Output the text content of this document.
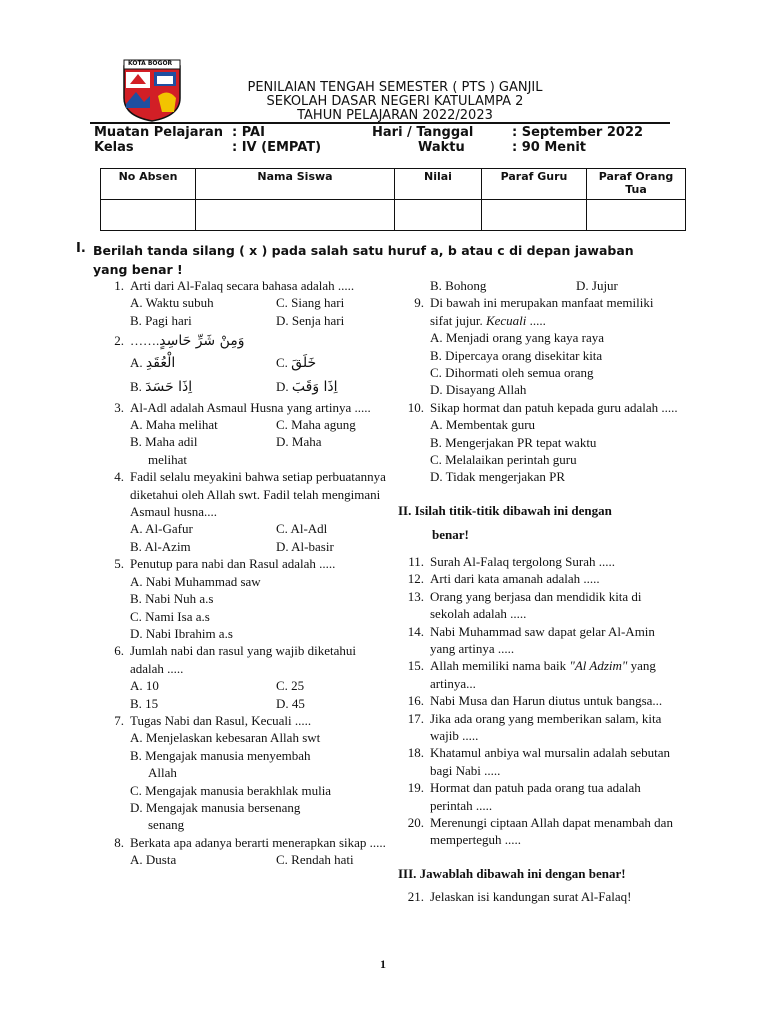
KOTA BOGOR
PENILAIAN TENGAH SEMESTER ( PTS ) GANJIL
SEKOLAH DASAR NEGERI KATULAMPA 2
TAHUN PELAJARAN 2022/2023
Muatan Pelajaran : PAI	Hari / Tanggal	: September 2022
Kelas	: IV (EMPAT)	Waktu	: 90 Menit
No Absen	Nama Siswa	Nilai	Paraf Guru	Paraf Orang Tua

I. Berilah tanda silang ( x ) pada salah satu huruf a, b atau c di depan jawaban yang benar !
1. Arti dari Al-Falaq secara bahasa adalah .....
A. Waktu subuh	C. Siang hari
B. Pagi hari	D. Senja hari
2. …….وَمِنْ شَرِّ حَاسِدٍ
A. الْعُقَدِ	C. خَلَقَ
B. اِذَا حَسَدَ	D. اِذَا وَقَبَ
3. Al-Adl adalah Asmaul Husna yang artinya .....
A. Maha melihat	C. Maha agung
B. Maha adil	D. Maha
melihat
4. Fadil selalu meyakini bahwa setiap perbuatannya diketahui oleh Allah swt. Fadil telah mengimani Asmaul husna....
A. Al-Gafur	C. Al-Adl
B. Al-Azim	D. Al-basir
5. Penutup para nabi dan Rasul adalah .....
A. Nabi Muhammad saw
B. Nabi Nuh a.s
C. Nami Isa a.s
D. Nabi Ibrahim a.s
6. Jumlah nabi dan rasul yang wajib diketahui adalah .....
A. 10	C. 25
B. 15	D. 45
7. Tugas Nabi dan Rasul, Kecuali .....
A. Menjelaskan kebesaran Allah swt
B. Mengajak manusia menyembah
Allah
C. Mengajak manusia berakhlak mulia
D. Mengajak manusia bersenang
senang
8. Berkata apa adanya berarti menerapkan sikap .....
A. Dusta	C. Rendah hati
B. Bohong	D. Jujur
9. Di bawah ini merupakan manfaat memiliki sifat jujur. Kecuali .....
A. Menjadi orang yang kaya raya
B. Dipercaya orang disekitar kita
C. Dihormati oleh semua orang
D. Disayang Allah
10. Sikap hormat dan patuh kepada guru adalah .....
A. Membentak guru
B. Mengerjakan PR tepat waktu
C. Melalaikan perintah guru
D. Tidak mengerjakan PR
II. Isilah titik-titik dibawah ini dengan
benar!
11. Surah Al-Falaq tergolong Surah .....
12. Arti dari kata amanah adalah .....
13. Orang yang berjasa dan mendidik kita di sekolah adalah .....
14. Nabi Muhammad saw dapat gelar Al-Amin yang artinya .....
15. Allah memiliki nama baik "Al Adzim" yang artinya...
16. Nabi Musa dan Harun diutus untuk bangsa...
17. Jika ada orang yang memberikan salam, kita wajib .....
18. Khatamul anbiya wal mursalin adalah sebutan bagi Nabi .....
19. Hormat dan patuh pada orang tua adalah perintah .....
20. Merenungi ciptaan Allah dapat menambah dan memperteguh .....
III. Jawablah dibawah ini dengan benar!
21. Jelaskan isi kandungan surat Al-Falaq!
1
